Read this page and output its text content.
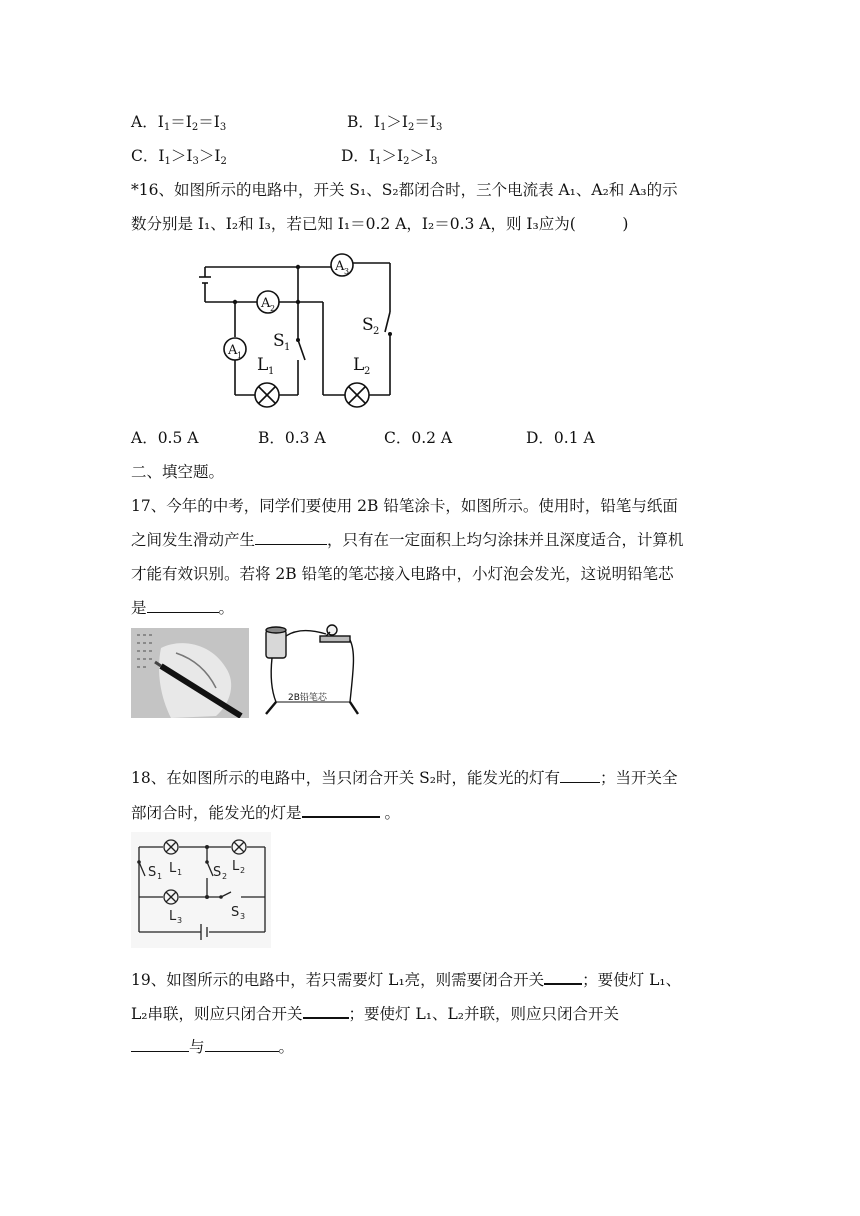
A．$I_1=I_2=I_3$	B．$I_1>I_2=I_3$
C．$I_1>I_3>I_2$	D．$I_1>I_2>I_3$
*16、如图所示的电路中，开关 S₁、S₂都闭合时，三个电流表 A₁、A₂和 A₃的示
数分别是 I₁、I₂和 I₃，若已知 I₁＝0.2 A，I₂＝0.3 A，则 I₃应为(　　　)
A 3
A 2
A 1
S 1
S 2
L 1	L 2
A．0.5 A	B．0.3 A	C．0.2 A	D．0.1 A
二、填空题。
17、今年的中考，同学们要使用 2B 铅笔涂卡，如图所示。使用时，铅笔与纸面
之间发生滑动产生	，只有在一定面积上均匀涂抹并且深度适合，计算机
才能有效识别。若将 2B 铅笔的笔芯接入电路中，小灯泡会发光，这说明铅笔芯
是	。
2B铅笔芯
18、在如图所示的电路中，当只闭合开关 S₂时，能发光的灯有	；当开关全
部闭合时，能发光的灯是	。
S 1
L 1 S 2
L 2
L 3
S 3
19、如图所示的电路中，若只需要灯 L₁亮，则需要闭合开关 ；要使灯 L₁、
L₂串联，则应只闭合开关	；要使灯 L₁、L₂并联，则应只闭合开关
与	。
